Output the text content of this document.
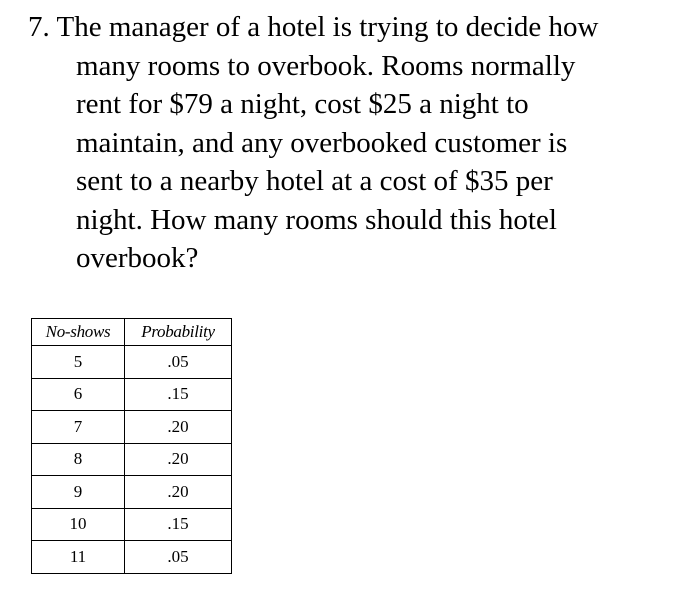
7. The manager of a hotel is trying to decide how
many rooms to overbook. Rooms normally
rent for $79 a night, cost $25 a night to
maintain, and any overbooked customer is
sent to a nearby hotel at a cost of $35 per
night. How many rooms should this hotel
overbook?
No-shows	Probability
5	.05
6	.15
7	.20
8	.20
9	.20
10	.15
11	.05
